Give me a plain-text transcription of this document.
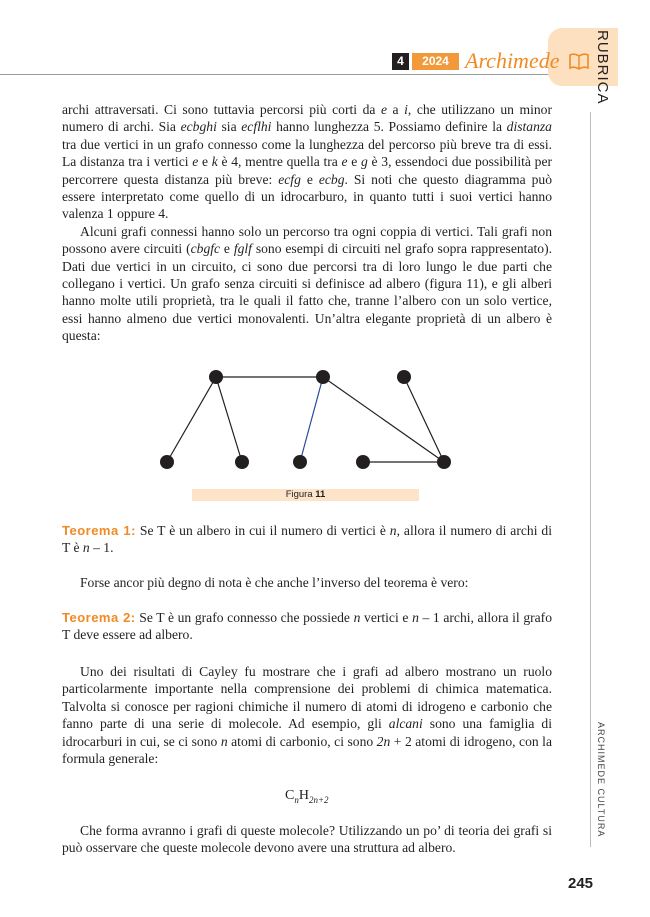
4	2024 Archimede	RUBRICA
ARCHIMEDE CULTURA
245

archi attraversati. Ci sono tuttavia percorsi più corti da e a i, che utilizzano un minor numero di archi. Sia ecbghi sia ecflhi hanno lunghezza 5. Possiamo definire la distanza tra due vertici in un grafo connesso come la lunghezza del percorso più breve tra di essi. La distanza tra i vertici e e k è 4, mentre quella tra e e g è 3, essendoci due possibilità per percorrere questa distanza più breve: ecfg e ecbg. Si noti che questo diagramma può essere interpretato come quello di un idrocarburo, in quanto tutti i suoi vertici hanno valenza 1 oppure 4.

Alcuni grafi connessi hanno solo un percorso tra ogni coppia di vertici. Tali grafi non possono avere circuiti (cbgfc e fglf sono esempi di circuiti nel grafo sopra rappresentato). Dati due vertici in un circuito, ci sono due percorsi tra di loro lungo le due parti che collegano i vertici. Un grafo senza circuiti si definisce ad albero (figura 11), e gli alberi hanno molte utili proprietà, tra le quali il fatto che, tranne l’albero con un solo vertice, essi hanno almeno due vertici monovalenti. Un’altra elegante proprietà di un albero è questa:

Figura 11

Teorema 1: Se T è un albero in cui il numero di vertici è n, allora il numero di archi di T è n – 1.

Forse ancor più degno di nota è che anche l’inverso del teorema è vero:

Teorema 2: Se T è un grafo connesso che possiede n vertici e n – 1 archi, allora il grafo T deve essere ad albero.

Uno dei risultati di Cayley fu mostrare che i grafi ad albero mostrano un ruolo particolarmente importante nella comprensione dei problemi di chimica matematica. Talvolta si conosce per ragioni chimiche il numero di atomi di idrogeno e carbonio che fanno parte di una serie di molecole. Ad esempio, gli alcani sono una famiglia di idrocarburi in cui, se ci sono n atomi di carbonio, ci sono 2n + 2 atomi di idrogeno, con la formula generale:

$C_nH_{2n+2}$

Che forma avranno i grafi di queste molecole? Utilizzando un po’ di teoria dei grafi si può osservare che queste molecole devono avere una struttura ad albero.
